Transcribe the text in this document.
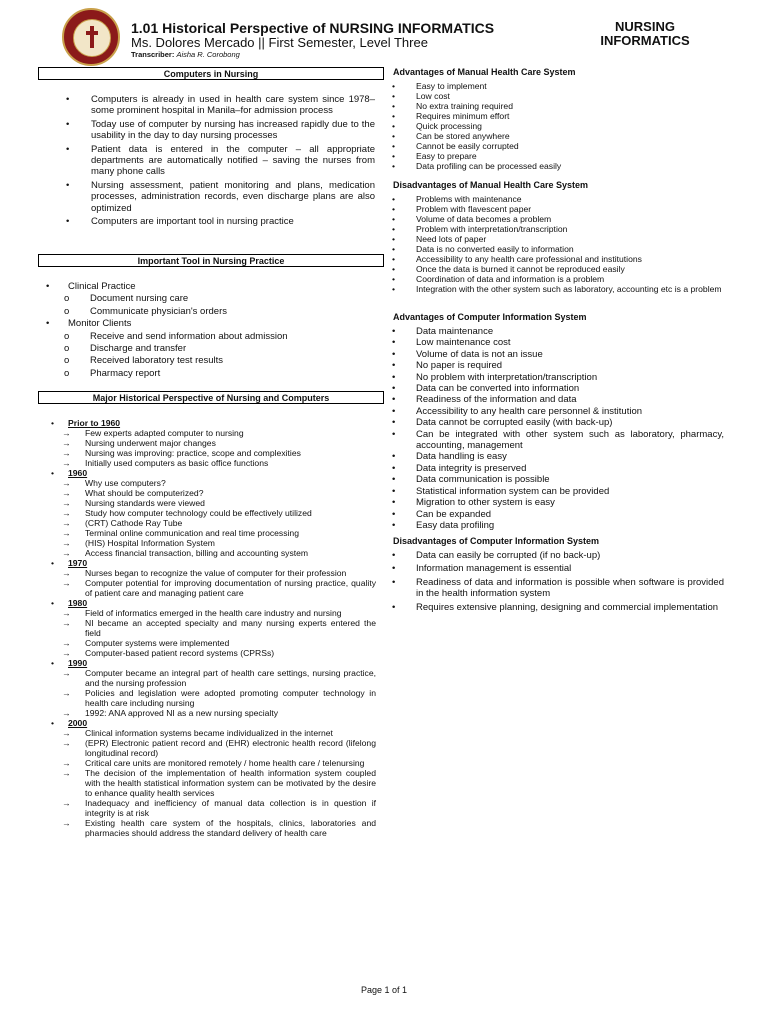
1.01 Historical Perspective of NURSING INFORMATICS
Ms. Dolores Mercado || First Semester, Level Three
Transcriber: Aisha R. Corobong
NURSING
INFORMATICS
Computers in Nursing
• Computers is already in used in health care system since 1978–some prominent hospital in Manila–for admission process
• Today use of computer by nursing has increased rapidly due to the usability in the day to day nursing processes
• Patient data is entered in the computer – all appropriate departments are automatically notified – saving the nurses from many phone calls
• Nursing assessment, patient monitoring and plans, medication processes, administration records, even discharge plans are also optimized
• Computers are important tool in nursing practice
Important Tool in Nursing Practice
• Clinical Practice
o Document nursing care
o Communicate physician's orders
• Monitor Clients
o Receive and send information about admission
o Discharge and transfer
o Received laboratory test results
o Pharmacy report
Major Historical Perspective of Nursing and Computers
• Prior to 1960
→ Few experts adapted computer to nursing
→ Nursing underwent major changes
→ Nursing was improving: practice, scope and complexities
→ Initially used computers as basic office functions
• 1960
→ Why use computers?
→ What should be computerized?
→ Nursing standards were viewed
→ Study how computer technology could be effectively utilized
→ (CRT) Cathode Ray Tube
→ Terminal online communication and real time processing
→ (HIS) Hospital Information System
→ Access financial transaction, billing and accounting system
• 1970
→ Nurses began to recognize the value of computer for their profession
→ Computer potential for improving documentation of nursing practice, quality of patient care and managing patient care
• 1980
→ Field of informatics emerged in the health care industry and nursing
→ NI became an accepted specialty and many nursing experts entered the field
→ Computer systems were implemented
→ Computer-based patient record systems (CPRSs)
• 1990
→ Computer became an integral part of health care settings, nursing practice, and the nursing profession
→ Policies and legislation were adopted promoting computer technology in health care including nursing
→ 1992: ANA approved NI as a new nursing specialty
• 2000
→ Clinical information systems became individualized in the internet
→ (EPR) Electronic patient record and (EHR) electronic health record (lifelong longitudinal record)
→ Critical care units are monitored remotely / home health care / telenursing
→ The decision of the implementation of health information system coupled with the health statistical information system can be motivated by the desire to enhance quality health services
→ Inadequacy and inefficiency of manual data collection is in question if integrity is at risk
→ Existing health care system of the hospitals, clinics, laboratories and pharmacies should address the standard delivery of health care
Advantages of Manual Health Care System
• Easy to implement
• Low cost
• No extra training required
• Requires minimum effort
• Quick processing
• Can be stored anywhere
• Cannot be easily corrupted
• Easy to prepare
• Data profiling can be processed easily
Disadvantages of Manual Health Care System
• Problems with maintenance
• Problem with flavescent paper
• Volume of data becomes a problem
• Problem with interpretation/transcription
• Need lots of paper
• Data is no converted easily to information
• Accessibility to any health care professional and institutions
• Once the data is burned it cannot be reproduced easily
• Coordination of data and information is a problem
• Integration with the other system such as laboratory, accounting etc is a problem
Advantages of Computer Information System
• Data maintenance
• Low maintenance cost
• Volume of data is not an issue
• No paper is required
• No problem with interpretation/transcription
• Data can be converted into information
• Readiness of the information and data
• Accessibility to any health care personnel & institution
• Data cannot be corrupted easily (with back-up)
• Can be integrated with other system such as laboratory, pharmacy, accounting, management
• Data handling is easy
• Data integrity is preserved
• Data communication is possible
• Statistical information system can be provided
• Migration to other system is easy
• Can be expanded
• Easy data profiling
Disadvantages of Computer Information System
• Data can easily be corrupted (if no back-up)
• Information management is essential
• Readiness of data and information is possible when software is provided in the health information system
• Requires extensive planning, designing and commercial implementation
Page 1 of 1
